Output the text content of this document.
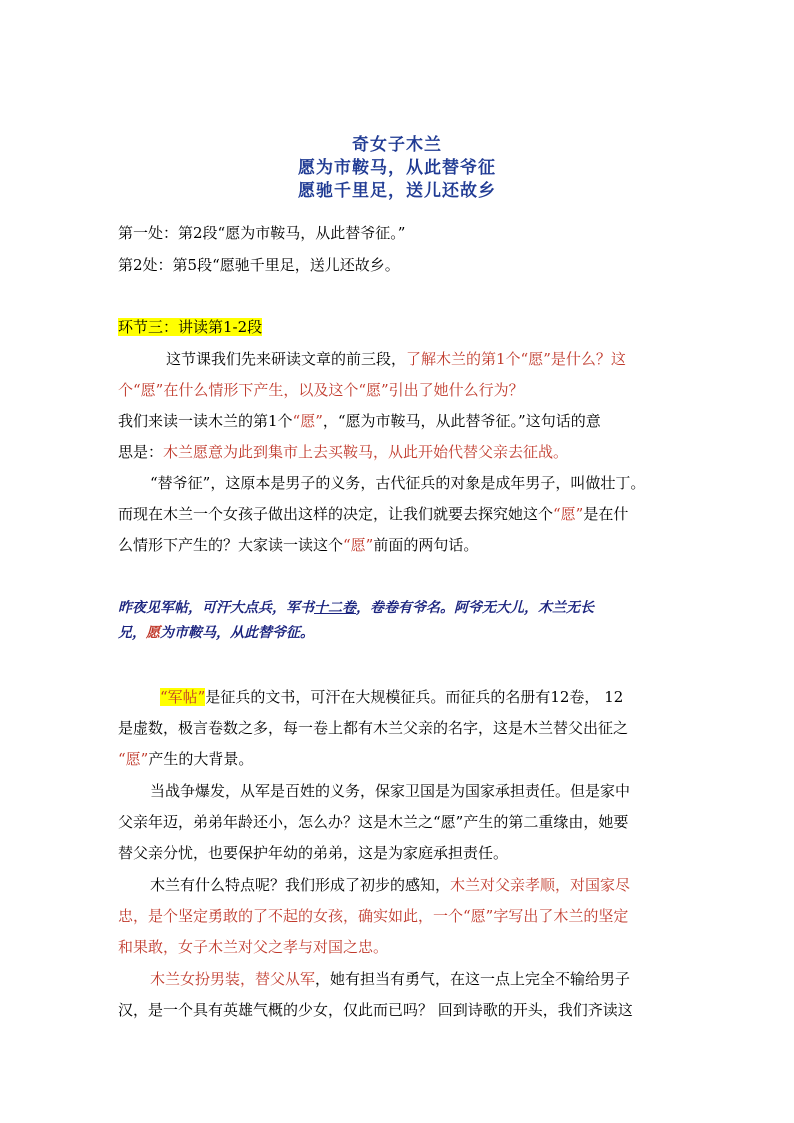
奇女子木兰
愿为市鞍马，从此替爷征
愿驰千里足，送儿还故乡
第一处：第2段“愿为市鞍马，从此替爷征。”
第2处：第5段“愿驰千里足，送儿还故乡。
环节三：讲读第1-2段
这节课我们先来研读文章的前三段，了解木兰的第1个“愿”是什么？这
个“愿”在什么情形下产生，以及这个“愿”引出了她什么行为？
我们来读一读木兰的第1个“愿”，“愿为市鞍马，从此替爷征。”这句话的意
思是：木兰愿意为此到集市上去买鞍马，从此开始代替父亲去征战。
“替爷征”，这原本是男子的义务，古代征兵的对象是成年男子，叫做壮丁。
而现在木兰一个女孩子做出这样的决定，让我们就要去探究她这个“愿”是在什
么情形下产生的？大家读一读这个“愿”前面的两句话。
昨夜见军帖，可汗大点兵，军书十二卷，卷卷有爷名。阿爷无大儿，木兰无长
兄，愿为市鞍马，从此替爷征。
“军帖”是征兵的文书，可汗在大规模征兵。而征兵的名册有12卷， 12
是虚数，极言卷数之多，每一卷上都有木兰父亲的名字，这是木兰替父出征之
“愿”产生的大背景。
当战争爆发，从军是百姓的义务，保家卫国是为国家承担责任。但是家中
父亲年迈，弟弟年龄还小，怎么办？这是木兰之“愿”产生的第二重缘由，她要
替父亲分忧，也要保护年幼的弟弟，这是为家庭承担责任。
木兰有什么特点呢？我们形成了初步的感知，木兰对父亲孝顺，对国家尽
忠，是个坚定勇敢的了不起的女孩，确实如此，一个“愿”字写出了木兰的坚定
和果敢，女子木兰对父之孝与对国之忠。
木兰女扮男装，替父从军，她有担当有勇气，在这一点上完全不输给男子
汉，是一个具有英雄气概的少女，仅此而已吗？ 回到诗歌的开头，我们齐读这
